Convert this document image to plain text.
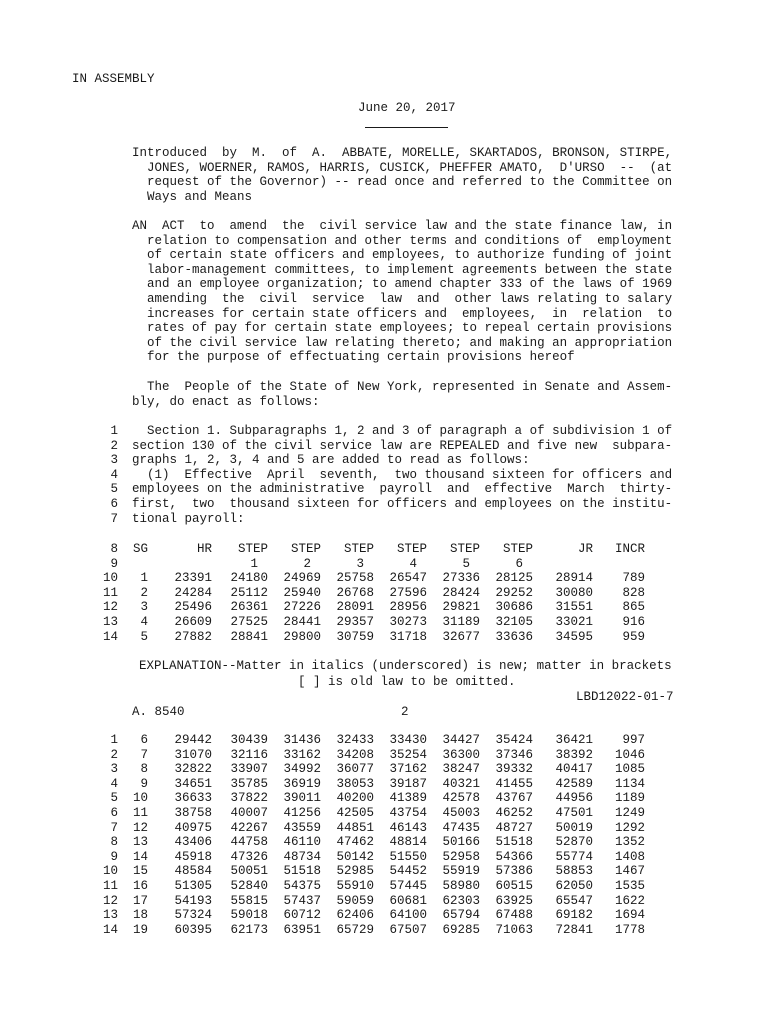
IN ASSEMBLY
June 20, 2017
Introduced  by  M.  of  A.  ABBATE, MORELLE, SKARTADOS, BRONSON, STIRPE,
JONES, WOERNER, RAMOS, HARRIS, CUSICK, PHEFFER AMATO,  D'URSO  --  (at
request of the Governor) -- read once and referred to the Committee on
Ways and Means
AN  ACT  to  amend  the  civil service law and the state finance law, in
relation to compensation and other terms and conditions of  employment
of certain state officers and employees, to authorize funding of joint
labor-management committees, to implement agreements between the state
and an employee organization; to amend chapter 333 of the laws of 1969
amending  the  civil  service  law  and  other laws relating to salary
increases for certain state officers and  employees,  in  relation  to
rates of pay for certain state employees; to repeal certain provisions
of the civil service law relating thereto; and making an appropriation
for the purpose of effectuating certain provisions hereof
The  People of the State of New York, represented in Senate and Assem-
bly, do enact as follows:
1 Section 1. Subparagraphs 1, 2 and 3 of paragraph a of subdivision 1 of
2 section 130 of the civil service law are REPEALED and five new  subpara-
3 graphs 1, 2, 3, 4 and 5 are added to read as follows:
4 (1)  Effective  April  seventh,  two thousand sixteen for officers and
5 employees on the administrative  payroll  and  effective  March  thirty-
6 first,  two  thousand sixteen for officers and employees on the institu-
7 tional payroll:
8
9
10
11
12
13
14
SG	HR	STEP	STEP	STEP	STEP	STEP	STEP	JR	INCR
		1	2	3	4	5	6		
1	23391	24180	24969	25758	26547	27336	28125	28914	789
2	24284	25112	25940	26768	27596	28424	29252	30080	828
3	25496	26361	27226	28091	28956	29821	30686	31551	865
4	26609	27525	28441	29357	30273	31189	32105	33021	916
5	27882	28841	29800	30759	31718	32677	33636	34595	959
EXPLANATION--Matter in italics (underscored) is new; matter in brackets
[ ] is old law to be omitted.
LBD12022-01-7
A. 8540	2
1
2
3
4
5
6
7
8
9
10
11
12
13
14
6	29442	30439	31436	32433	33430	34427	35424	36421	997
7	31070	32116	33162	34208	35254	36300	37346	38392	1046
8	32822	33907	34992	36077	37162	38247	39332	40417	1085
9	34651	35785	36919	38053	39187	40321	41455	42589	1134
10	36633	37822	39011	40200	41389	42578	43767	44956	1189
11	38758	40007	41256	42505	43754	45003	46252	47501	1249
12	40975	42267	43559	44851	46143	47435	48727	50019	1292
13	43406	44758	46110	47462	48814	50166	51518	52870	1352
14	45918	47326	48734	50142	51550	52958	54366	55774	1408
15	48584	50051	51518	52985	54452	55919	57386	58853	1467
16	51305	52840	54375	55910	57445	58980	60515	62050	1535
17	54193	55815	57437	59059	60681	62303	63925	65547	1622
18	57324	59018	60712	62406	64100	65794	67488	69182	1694
19	60395	62173	63951	65729	67507	69285	71063	72841	1778
